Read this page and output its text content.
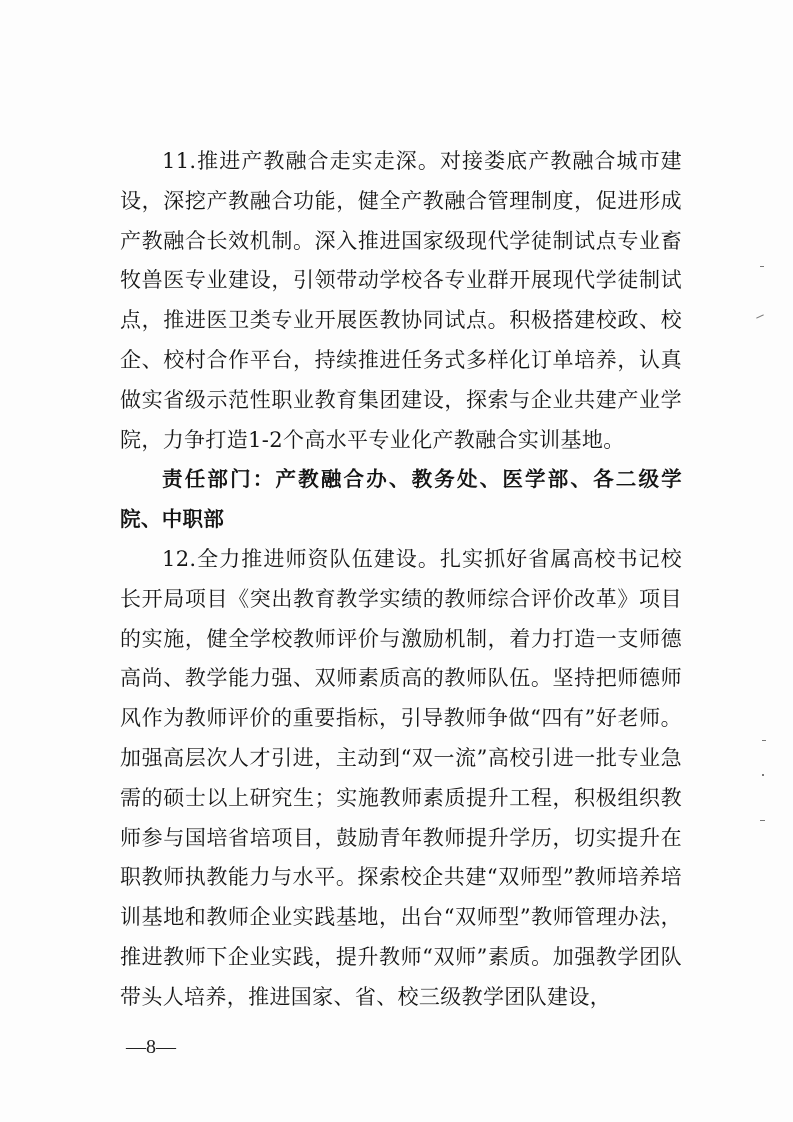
11.推进产教融合走实走深。对接娄底产教融合城市建设，深挖产教融合功能，健全产教融合管理制度，促进形成产教融合长效机制。深入推进国家级现代学徒制试点专业畜牧兽医专业建设，引领带动学校各专业群开展现代学徒制试点，推进医卫类专业开展医教协同试点。积极搭建校政、校企、校村合作平台，持续推进任务式多样化订单培养，认真做实省级示范性职业教育集团建设，探索与企业共建产业学院，力争打造1-2个高水平专业化产教融合实训基地。

责任部门：产教融合办、教务处、医学部、各二级学院、中职部

12.全力推进师资队伍建设。扎实抓好省属高校书记校长开局项目《突出教育教学实绩的教师综合评价改革》项目的实施，健全学校教师评价与激励机制，着力打造一支师德高尚、教学能力强、双师素质高的教师队伍。坚持把师德师风作为教师评价的重要指标，引导教师争做“四有”好老师。加强高层次人才引进，主动到“双一流”高校引进一批专业急需的硕士以上研究生；实施教师素质提升工程，积极组织教师参与国培省培项目，鼓励青年教师提升学历，切实提升在职教师执教能力与水平。探索校企共建“双师型”教师培养培训基地和教师企业实践基地，出台“双师型”教师管理办法，推进教师下企业实践，提升教师“双师”素质。加强教学团队带头人培养，推进国家、省、校三级教学团队建设，

—8—
